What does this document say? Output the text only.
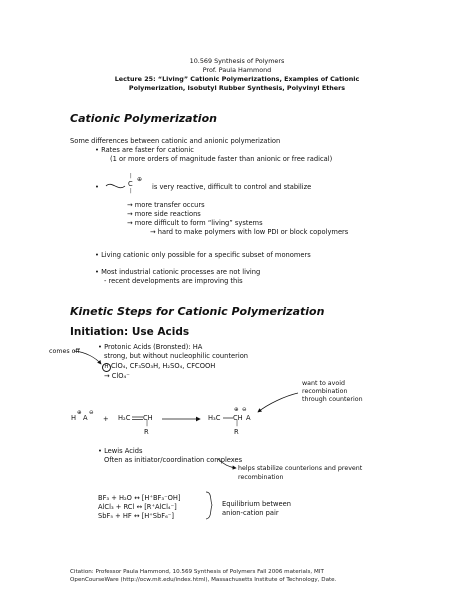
10.569 Synthesis of Polymers
Prof. Paula Hammond
Lecture 25: “Living” Cationic Polymerizations, Examples of Cationic
Polymerization, Isobutyl Rubber Synthesis, Polyvinyl Ethers
Cationic Polymerization
Some differences between cationic and anionic polymerization
• Rates are faster for cationic
(1 or more orders of magnitude faster than anionic or free radical)
•
|
C
⊕
|	is very reactive, difficult to control and stabilize
→ more transfer occurs
→ more side reactions
→ more difficult to form “living” systems
→ hard to make polymers with low PDI or block copolymers
• Living cationic only possible for a specific subset of monomers
• Most industrial cationic processes are not living
- recent developments are improving this
Kinetic Steps for Cationic Polymerization
Initiation: Use Acids
comes off
• Protonic Acids (Bronsted): HA
strong, but without nucleophilic counterion
H ClO₄, CF₃SO₃H, H₂SO₄, CFCOOH
→ ClO₄⁻
want to avoid
recombination
through counterion
H
⊕
A
⊖
+ H₂C CH
|
R
H₃C CH
⊕
A
⊖
|
R
• Lewis Acids
Often as initiator/coordination complexes
helps stabilize counterions and prevent
recombination
BF₃ + H₂O ↔ [H⁺BF₃⁻OH]
AlCl₃ + RCl ↔ [R⁺AlCl₄⁻]
SbF₅ + HF ↔ [H⁺SbF₆⁻]
Equilibrium between
anion-cation pair
Citation: Professor Paula Hammond, 10.569 Synthesis of Polymers Fall 2006 materials, MIT
OpenCourseWare (http://ocw.mit.edu/index.html), Massachusetts Institute of Technology, Date.
